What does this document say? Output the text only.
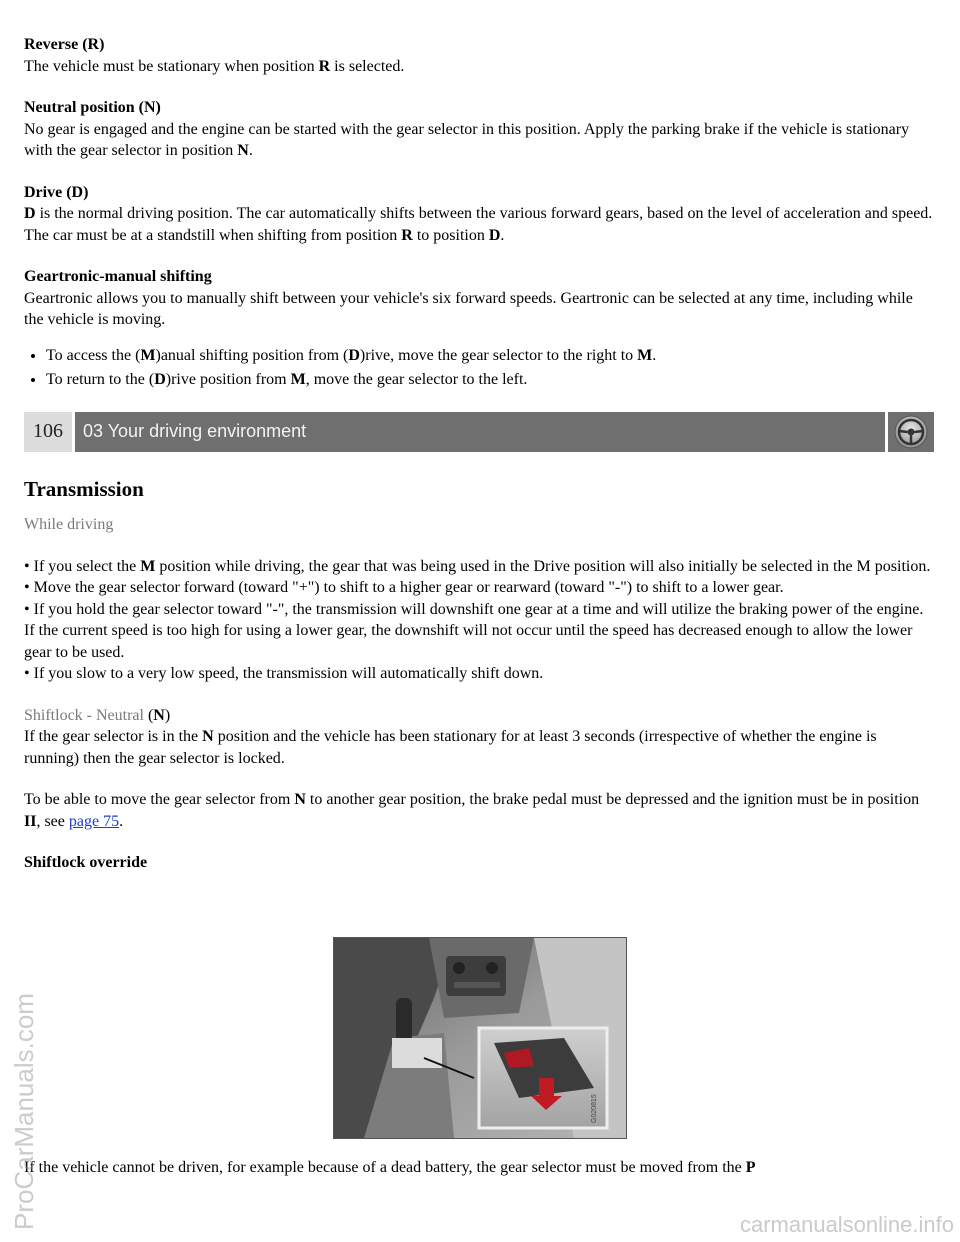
Reverse (R)

The vehicle must be stationary when position R is selected.

Neutral position (N)

No gear is engaged and the engine can be started with the gear selector in this position. Apply the parking brake if the vehicle is stationary with the gear selector in position N.

Drive (D)

D is the normal driving position. The car automatically shifts between the various forward gears, based on the level of acceleration and speed. The car must be at a standstill when shifting from position R to position D.

Geartronic-manual shifting

Geartronic allows you to manually shift between your vehicle's six forward speeds. Geartronic can be selected at any time, including while the vehicle is moving.

• To access the (M)anual shifting position from (D)rive, move the gear selector to the right to M.
• To return to the (D)rive position from M, move the gear selector to the left.
106	03 Your driving environment
Transmission

While driving

• If you select the M position while driving, the gear that was being used in the Drive position will also initially be selected in the M position.

• Move the gear selector forward (toward "+") to shift to a higher gear or rearward (toward "-") to shift to a lower gear.

• If you hold the gear selector toward "-", the transmission will downshift one gear at a time and will utilize the braking power of the engine. If the current speed is too high for using a lower gear, the downshift will not occur until the speed has decreased enough to allow the lower gear to be used.

• If you slow to a very low speed, the transmission will automatically shift down.

Shiftlock - Neutral (N)

If the gear selector is in the N position and the vehicle has been stationary for at least 3 seconds (irrespective of whether the engine is running) then the gear selector is locked.

To be able to move the gear selector from N to another gear position, the brake pedal must be depressed and the ignition must be in position II, see page 75.

Shiftlock override

G020815

If the vehicle cannot be driven, for example because of a dead battery, the gear selector must be moved from the P

ProCarManuals.com	carmanualsonline.info
